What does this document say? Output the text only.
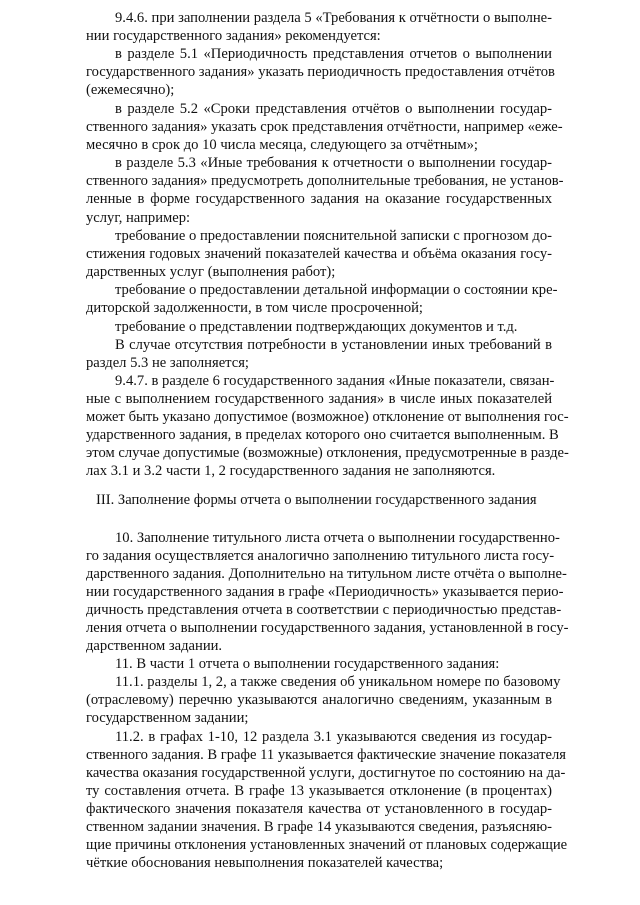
9.4.6. при заполнении раздела 5 «Требования к отчётности о выполне-
нии государственного задания» рекомендуется:
в разделе 5.1 «Периодичность представления отчетов о выполнении
государственного задания» указать периодичность предоставления отчётов
(ежемесячно);
в разделе 5.2 «Сроки представления отчётов о выполнении государ-
ственного задания» указать срок представления отчётности, например «еже-
месячно в срок до 10 числа месяца, следующего за отчётным»;
в разделе 5.3 «Иные требования к отчетности о выполнении государ-
ственного задания» предусмотреть дополнительные требования, не установ-
ленные в форме государственного задания на оказание государственных
услуг, например:
требование о предоставлении пояснительной записки с прогнозом до-
стижения годовых значений показателей качества и объёма оказания госу-
дарственных услуг (выполнения работ);
требование о предоставлении детальной информации о состоянии кре-
диторской задолженности, в том числе просроченной;
требование о представлении подтверждающих документов и т.д.
В случае отсутствия потребности в установлении иных требований в
раздел 5.3 не заполняется;
9.4.7. в разделе 6 государственного задания «Иные показатели, связан-
ные с выполнением государственного задания» в числе иных показателей
может быть указано допустимое (возможное) отклонение от выполнения гос-
ударственного задания, в пределах которого оно считается выполненным. В
этом случае допустимые (возможные) отклонения, предусмотренные в разде-
лах 3.1 и 3.2 части 1, 2 государственного задания не заполняются.
III. Заполнение формы отчета о выполнении государственного задания
10. Заполнение титульного листа отчета о выполнении государственно-
го задания осуществляется аналогично заполнению титульного листа госу-
дарственного задания. Дополнительно на титульном листе отчёта о выполне-
нии государственного задания в графе «Периодичность» указывается перио-
дичность представления отчета в соответствии с периодичностью представ-
ления отчета о выполнении государственного задания, установленной в госу-
дарственном задании.
11. В части 1 отчета о выполнении государственного задания:
11.1. разделы 1, 2, а также сведения об уникальном номере по базовому
(отраслевому) перечню указываются аналогично сведениям, указанным в
государственном задании;
11.2. в графах 1-10, 12 раздела 3.1 указываются сведения из государ-
ственного задания. В графе 11 указывается фактические значение показателя
качества оказания государственной услуги, достигнутое по состоянию на да-
ту составления отчета. В графе 13 указывается отклонение (в процентах)
фактического значения показателя качества от установленного в государ-
ственном задании значения. В графе 14 указываются сведения, разъясняю-
щие причины отклонения установленных значений от плановых содержащие
чёткие обоснования невыполнения показателей качества;
